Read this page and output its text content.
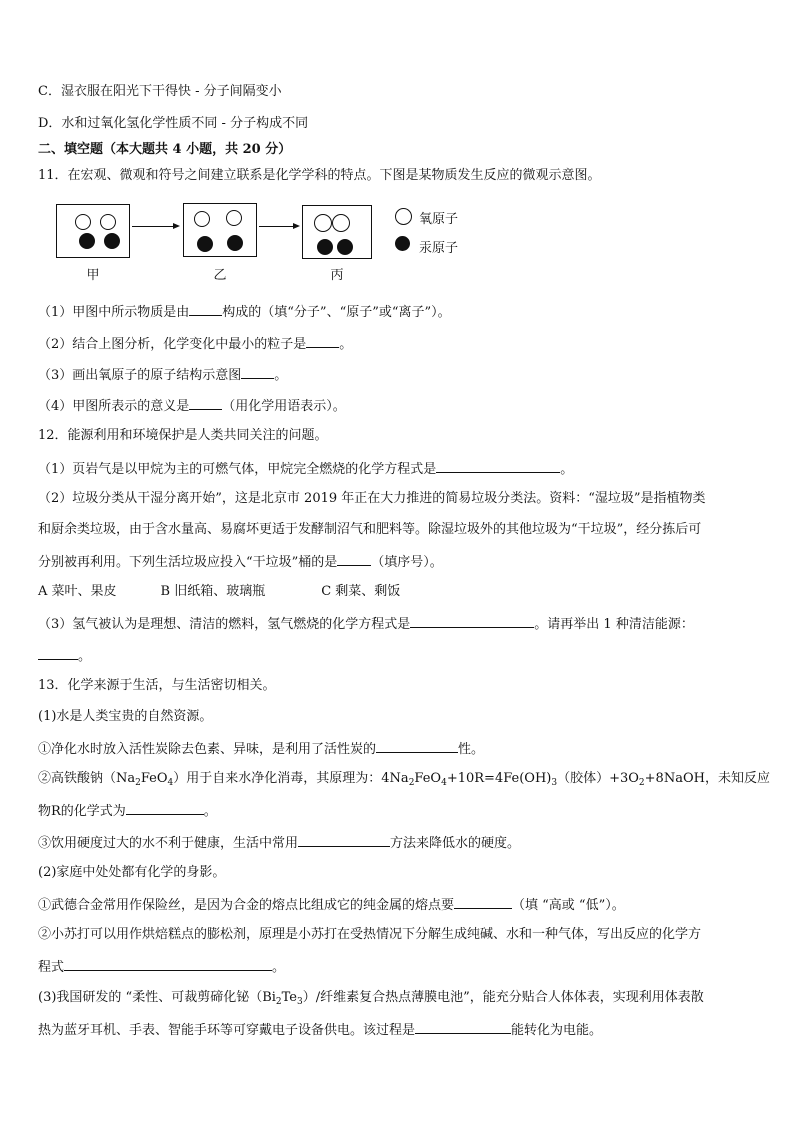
C．湿衣服在阳光下干得快 - 分子间隔变小
D．水和过氧化氢化学性质不同 - 分子构成不同
二、填空题（本大题共 4 小题，共 20 分）
11．在宏观、微观和符号之间建立联系是化学学科的特点。下图是某物质发生反应的微观示意图。
甲	乙	丙
氧原子
汞原子
（1）甲图中所示物质是由	构成的（填“分子”、“原子”或“离子”）。
（2）结合上图分析，化学变化中最小的粒子是	。
（3）画出氧原子的原子结构示意图	。
（4）甲图所表示的意义是	（用化学用语表示）。
12．能源利用和环境保护是人类共同关注的问题。
（1）页岩气是以甲烷为主的可燃气体，甲烷完全燃烧的化学方程式是	。
（2）垃圾分类从干湿分离开始”，这是北京市 2019 年正在大力推进的简易垃圾分类法。资料：“湿垃圾”是指植物类
和厨余类垃圾，由于含水量高、易腐坏更适于发酵制沼气和肥料等。除湿垃圾外的其他垃圾为“干垃圾”，经分拣后可
分别被再利用。下列生活垃圾应投入“干垃圾”桶的是	（填序号）。
A 菜叶、果皮	B 旧纸箱、玻璃瓶	C 剩菜、剩饭
（3）氢气被认为是理想、清洁的燃料，氢气燃烧的化学方程式是	。请再举出 1 种清洁能源：
。
13．化学来源于生活，与生活密切相关。
(1)水是人类宝贵的自然资源。
①净化水时放入活性炭除去色素、异味，是利用了活性炭的	性。
②高铁酸钠$(Na_2FeO_4)$用于自来水净化消毒，其原理为：$4Na_2FeO_4+10R=4Fe(OH)_3$（胶体）$+3O_2+8NaOH$，未知反应
物R的化学式为	。
③饮用硬度过大的水不利于健康，生活中常用	方法来降低水的硬度。
(2)家庭中处处都有化学的身影。
①武德合金常用作保险丝，是因为合金的熔点比组成它的纯金属的熔点要	（填 “高或 “低”）。
②小苏打可以用作烘焙糕点的膨松剂，原理是小苏打在受热情况下分解生成纯碱、水和一种气体，写出反应的化学方
程式	。
(3)我国研发的 “柔性、可裁剪碲化铋$(Bi_2Te_3)/$纤维素复合热点薄膜电池”，能充分贴合人体体表，实现利用体表散
热为蓝牙耳机、手表、智能手环等可穿戴电子设备供电。该过程是	能转化为电能。
